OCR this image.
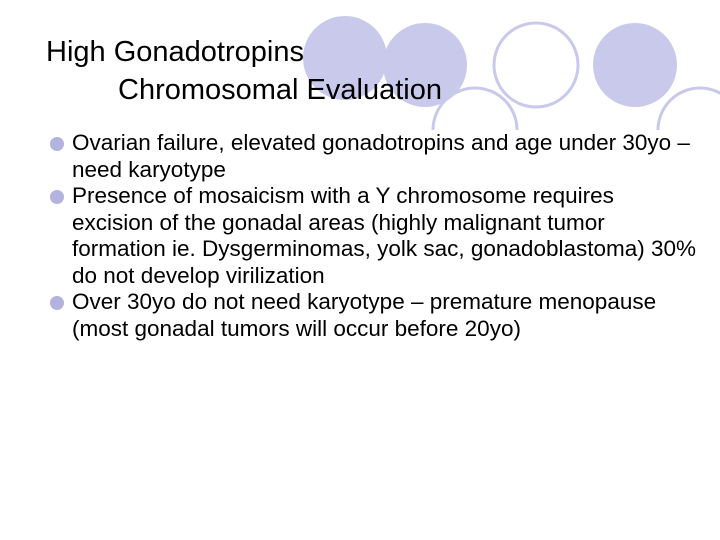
High Gonadotropins
Chromosomal Evaluation
Ovarian failure, elevated gonadotropins and age under 30yo – need karyotype
Presence of mosaicism with a Y chromosome requires excision of the gonadal areas (highly malignant tumor formation ie. Dysgerminomas, yolk sac, gonadoblastoma) 30% do not develop virilization
Over 30yo do not need karyotype – premature menopause (most gonadal tumors will occur before 20yo)
